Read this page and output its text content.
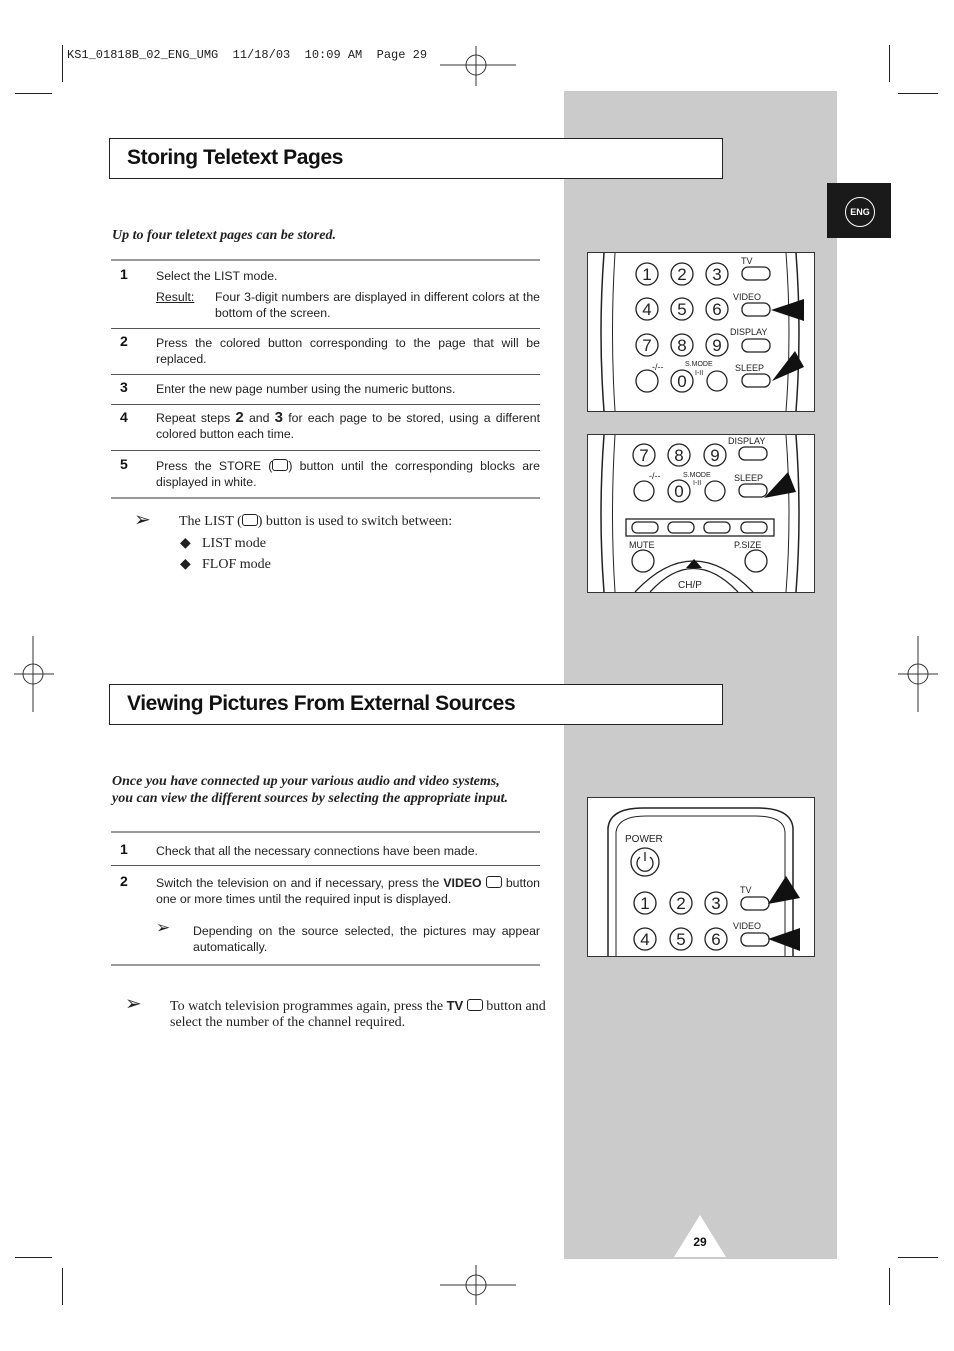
KS1_01818B_02_ENG_UMG  11/18/03  10:09 AM  Page 29
ENG
Storing Teletext Pages
Up to four teletext pages can be stored.
1 Select the LIST mode.
Result:	Four 3-digit numbers are displayed in different colors at the bottom of the screen.
2 Press the colored button corresponding to the page that will be replaced.
3 Enter the new page number using the numeric buttons.
4 Repeat steps 2 and 3 for each page to be stored, using a different colored button each time.
5 Press the STORE ( ) button until the corresponding blocks are displayed in white.
➢ The LIST ( ) button is used to switch between:
◆ LIST mode
◆ FLOF mode
Viewing Pictures From External Sources
Once you have connected up your various audio and video systems,
you can view the different sources by selecting the appropriate input.
1 Check that all the necessary connections have been made.
2 Switch the television on and if necessary, press the VIDEO button one or more times until the required input is displayed.
➢ Depending on the source selected, the pictures may appear automatically.
➢ To watch television programmes again, press the TV button and select the number of the channel required.
1 2 3
4 5 6
7 8 9
0
TV
VIDEO
DISPLAY
SLEEP
S.MODE
I-II
-/--
7 8 9
0
DISPLAY
SLEEP
S.MODE
I-II
-/--
MUTE	P.SIZE
CH/P
1 2 3
4 5 6
POWER
TV
VIDEO
29
